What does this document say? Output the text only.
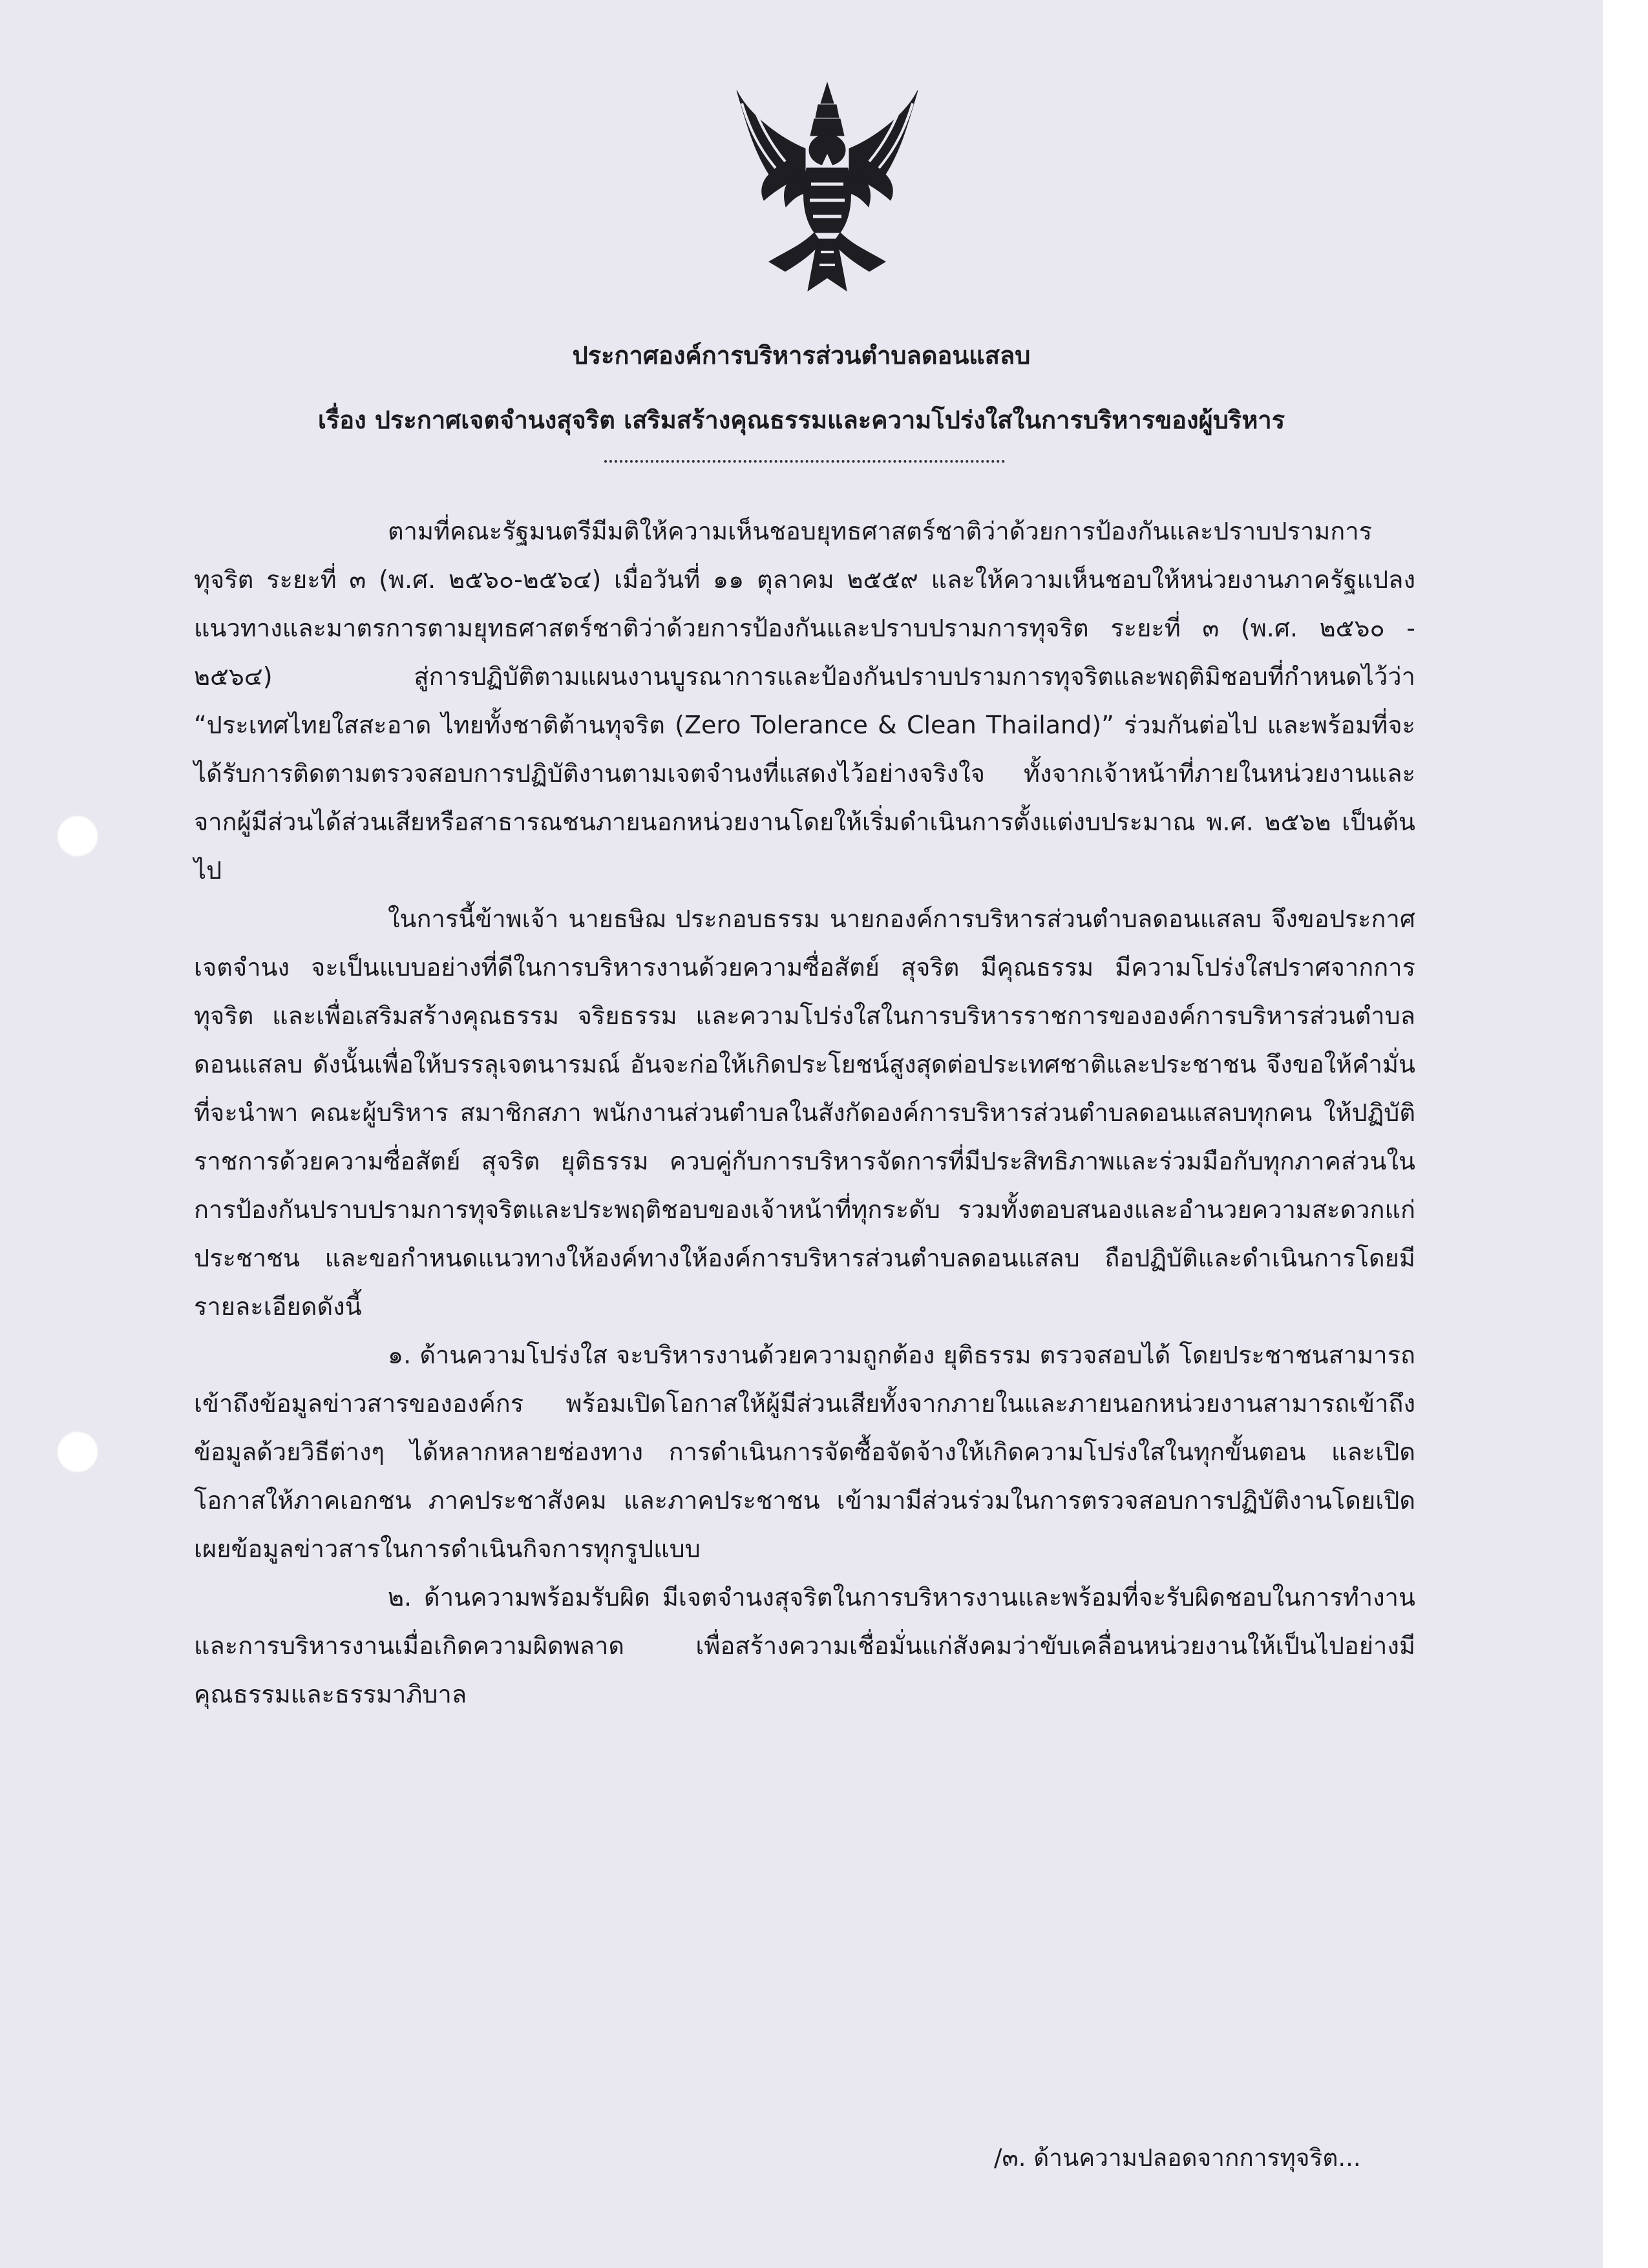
ประกาศองค์การบริหารส่วนตำบลดอนแสลบ
เรื่อง ประกาศเจตจำนงสุจริต เสริมสร้างคุณธรรมและความโปร่งใสในการบริหารของผู้บริหาร

ตามที่คณะรัฐมนตรีมีมติให้ความเห็นชอบยุทธศาสตร์ชาติว่าด้วยการป้องกันและปราบปรามการทุจริต ระยะที่ ๓ (พ.ศ. ๒๕๖๐-๒๕๖๔) เมื่อวันที่ ๑๑ ตุลาคม ๒๕๕๙ และให้ความเห็นชอบให้หน่วยงานภาครัฐแปลงแนวทางและมาตรการตามยุทธศาสตร์ชาติว่าด้วยการป้องกันและปราบปรามการทุจริต ระยะที่ ๓ (พ.ศ. ๒๕๖๐ - ๒๕๖๔) สู่การปฏิบัติตามแผนงานบูรณาการและป้องกันปราบปรามการทุจริตและพฤติมิชอบที่กำหนดไว้ว่า “ประเทศไทยใสสะอาด ไทยทั้งชาติต้านทุจริต (Zero Tolerance & Clean Thailand)” ร่วมกันต่อไป และพร้อมที่จะได้รับการติดตามตรวจสอบการปฏิบัติงานตามเจตจำนงที่แสดงไว้อย่างจริงใจ ทั้งจากเจ้าหน้าที่ภายในหน่วยงานและจากผู้มีส่วนได้ส่วนเสียหรือสาธารณชนภายนอกหน่วยงานโดยให้เริ่มดำเนินการตั้งแต่งบประมาณ พ.ศ. ๒๕๖๒ เป็นต้นไป

ในการนี้ข้าพเจ้า นายธษิฌ ประกอบธรรม นายกองค์การบริหารส่วนตำบลดอนแสลบ จึงขอประกาศเจตจำนง จะเป็นแบบอย่างที่ดีในการบริหารงานด้วยความซื่อสัตย์ สุจริต มีคุณธรรม มีความโปร่งใสปราศจากการทุจริต และเพื่อเสริมสร้างคุณธรรม จริยธรรม และความโปร่งใสในการบริหารราชการขององค์การบริหารส่วนตำบลดอนแสลบ ดังนั้นเพื่อให้บรรลุเจตนารมณ์ อันจะก่อให้เกิดประโยชน์สูงสุดต่อประเทศชาติและประชาชน จึงขอให้คำมั่นที่จะนำพา คณะผู้บริหาร สมาชิกสภา พนักงานส่วนตำบลในสังกัดองค์การบริหารส่วนตำบลดอนแสลบทุกคน ให้ปฏิบัติราชการด้วยความซื่อสัตย์ สุจริต ยุติธรรม ควบคู่กับการบริหารจัดการที่มีประสิทธิภาพและร่วมมือกับทุกภาคส่วนในการป้องกันปราบปรามการทุจริตและประพฤติชอบของเจ้าหน้าที่ทุกระดับ รวมทั้งตอบสนองและอำนวยความสะดวกแก่ประชาชน และขอกำหนดแนวทางให้องค์ทางให้องค์การบริหารส่วนตำบลดอนแสลบ ถือปฏิบัติและดำเนินการโดยมีรายละเอียดดังนี้

๑. ด้านความโปร่งใส จะบริหารงานด้วยความถูกต้อง ยุติธรรม ตรวจสอบได้ โดยประชาชนสามารถเข้าถึงข้อมูลข่าวสารขององค์กร พร้อมเปิดโอกาสให้ผู้มีส่วนเสียทั้งจากภายในและภายนอกหน่วยงานสามารถเข้าถึงข้อมูลด้วยวิธีต่างๆ ได้หลากหลายช่องทาง การดำเนินการจัดซื้อจัดจ้างให้เกิดความโปร่งใสในทุกขั้นตอน และเปิดโอกาสให้ภาคเอกชน ภาคประชาสังคม และภาคประชาชน เข้ามามีส่วนร่วมในการตรวจสอบการปฏิบัติงานโดยเปิดเผยข้อมูลข่าวสารในการดำเนินกิจการทุกรูปแบบ

๒. ด้านความพร้อมรับผิด มีเจตจำนงสุจริตในการบริหารงานและพร้อมที่จะรับผิดชอบในการทำงานและการบริหารงานเมื่อเกิดความผิดพลาด เพื่อสร้างความเชื่อมั่นแก่สังคมว่าขับเคลื่อนหน่วยงานให้เป็นไปอย่างมีคุณธรรมและธรรมาภิบาล

/๓. ด้านความปลอดจากการทุจริต...
